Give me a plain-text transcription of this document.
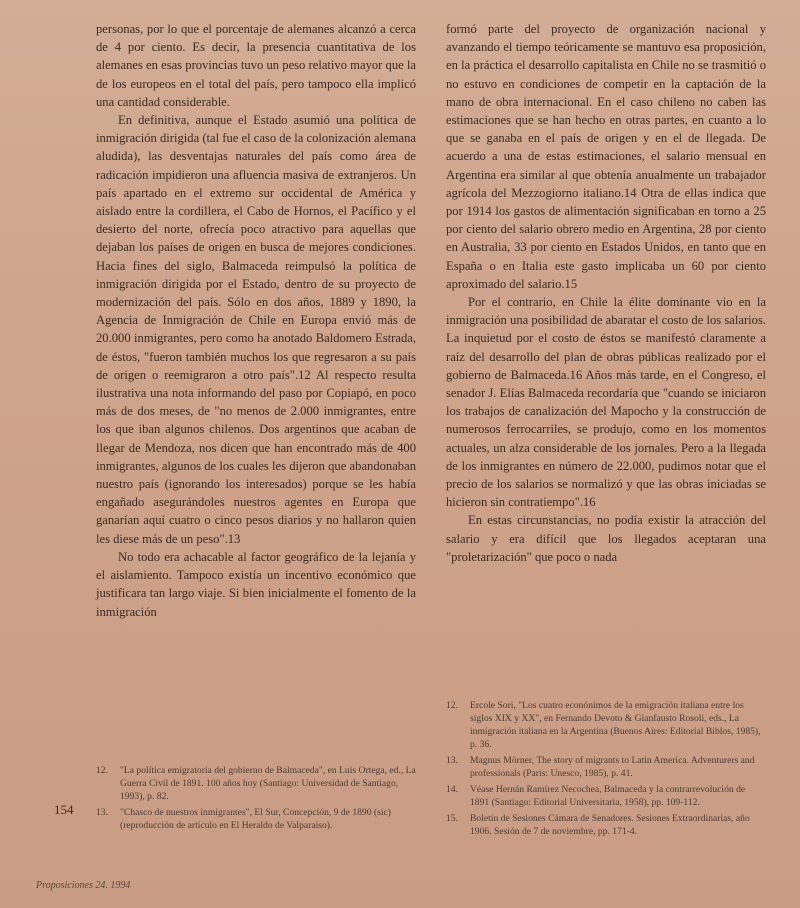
personas, por lo que el porcentaje de alemanes alcanzó a cerca de 4 por ciento. Es decir, la presencia cuantitativa de los alemanes en esas provincias tuvo un peso relativo mayor que la de los europeos en el total del país, pero tampoco ella implicó una cantidad considerable.

En definitiva, aunque el Estado asumió una política de inmigración dirigida (tal fue el caso de la colonización alemana aludida), las desventajas naturales del país como área de radicación impidieron una afluencia masiva de extranjeros. Un país apartado en el extremo sur occidental de América y aislado entre la cordillera, el Cabo de Hornos, el Pacífico y el desierto del norte, ofrecía poco atractivo para aquellas que dejaban los países de origen en busca de mejores condiciones. Hacia fines del siglo, Balmaceda reimpulsó la política de inmigración dirigida por el Estado, dentro de su proyecto de modernización del país. Sólo en dos años, 1889 y 1890, la Agencia de Inmigración de Chile en Europa envió más de 20.000 inmigrantes, pero como ha anotado Baldomero Estrada, de éstos, "fueron también muchos los que regresaron a su país de origen o reemigraron a otro país".12 Al respecto resulta ilustrativa una nota informando del paso por Copiapó, en poco más de dos meses, de "no menos de 2.000 inmigrantes, entre los que iban algunos chilenos. Dos argentinos que acaban de llegar de Mendoza, nos dicen que han encontrado más de 400 inmigrantes, algunos de los cuales les dijeron que abandonaban nuestro país (ignorando los interesados) porque se les había engañado asegurándoles nuestros agentes en Europa que ganarían aquí cuatro o cinco pesos diarios y no hallaron quien les diese más de un peso".13

No todo era achacable al factor geográfico de la lejanía y el aislamiento. Tampoco existía un incentivo económico que justificara tan largo viaje. Si bien inicialmente el fomento de la inmigración

formó parte del proyecto de organización nacional y avanzando el tiempo teóricamente se mantuvo esa proposición, en la práctica el desarrollo capitalista en Chile no se trasmitió o no estuvo en condiciones de competir en la captación de la mano de obra internacional. En el caso chileno no caben las estimaciones que se han hecho en otras partes, en cuanto a lo que se ganaba en el país de origen y en el de llegada. De acuerdo a una de estas estimaciones, el salario mensual en Argentina era similar al que obtenía anualmente un trabajador agrícola del Mezzogiorno italiano.14 Otra de ellas indica que por 1914 los gastos de alimentación significaban en torno a 25 por ciento del salario obrero medio en Argentina, 28 por ciento en Australia, 33 por ciento en Estados Unidos, en tanto que en España o en Italia este gasto implicaba un 60 por ciento aproximado del salario.15

Por el contrario, en Chile la élite dominante vio en la inmigración una posibilidad de abaratar el costo de los salarios. La inquietud por el costo de éstos se manifestó claramente a raíz del desarrollo del plan de obras públicas realizado por el gobierno de Balmaceda.16 Años más tarde, en el Congreso, el senador J. Elías Balmaceda recordaría que "cuando se iniciaron los trabajos de canalización del Mapocho y la construcción de numerosos ferrocarriles, se produjo, como en los momentos actuales, un alza considerable de los jornales. Pero a la llegada de los inmigrantes en número de 22.000, pudimos notar que el precio de los salarios se normalizó y que las obras iniciadas se hicieron sin contratiempo".16

En estas circunstancias, no podía existir la atracción del salario y era difícil que los llegados aceptaran una "proletarización" que poco o nada

12.	"La política emigratoria del gobierno de Balmaceda", en Luis Ortega, ed., La Guerra Civil de 1891. 100 años hoy (Santiago: Universidad de Santiago, 1993), p. 82.
13.	"Chasco de nuestros inmigrantes", El Sur, Concepción, 9 de 1890 (sic) (reproducción de artículo en El Heraldo de Valparaíso).
12.	Ercole Sori, "Los cuatro econónimos de la emigración italiana entre los siglos XIX y XX", en Fernando Devoto & Gianfausto Rosoli, eds., La inmigración italiana en la Argentina (Buenos Aires: Editorial Biblos, 1985), p. 36.
13.	Magnus Mörner, The story of migrants to Latin America. Adventurers and professionals (Paris: Unesco, 1985), p. 41.
14.	Véase Hernán Ramírez Necochea, Balmaceda y la contrarrevolución de 1891 (Santiago: Editorial Universitaria, 1958), pp. 109-112.
15.	Boletín de Sesiones Cámara de Senadores. Sesiones Extraordinarias, año 1906. Sesión de 7 de noviembre, pp. 171-4.
154
Proposiciones 24. 1994
